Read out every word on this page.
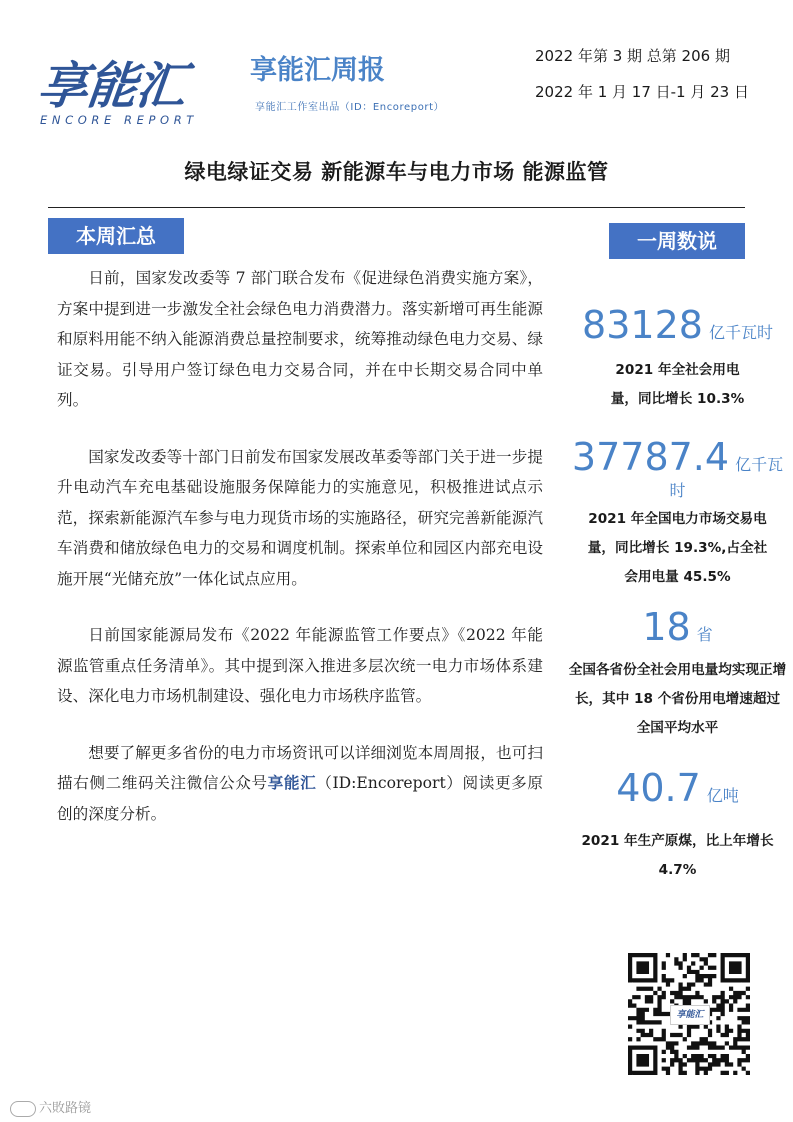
享能汇
ENCORE REPORT
享能汇周报
享能汇工作室出品（ID：Encoreport）
2022 年第 3 期 总第 206 期
2022 年 1 月 17 日-1 月 23 日
绿电绿证交易 新能源车与电力市场 能源监管
本周汇总	一周数说

日前，国家发改委等 7 部门联合发布《促进绿色消费实施方案》，方案中提到进一步激发全社会绿色电力消费潜力。落实新增可再生能源和原料用能不纳入能源消费总量控制要求，统筹推动绿色电力交易、绿证交易。引导用户签订绿色电力交易合同，并在中长期交易合同中单列。

国家发改委等十部门日前发布国家发展改革委等部门关于进一步提升电动汽车充电基础设施服务保障能力的实施意见，积极推进试点示范，探索新能源汽车参与电力现货市场的实施路径，研究完善新能源汽车消费和储放绿色电力的交易和调度机制。探索单位和园区内部充电设施开展“光储充放”一体化试点应用。

日前国家能源局发布《2022 年能源监管工作要点》《2022 年能源监管重点任务清单》。其中提到深入推进多层次统一电力市场体系建设、深化电力市场机制建设、强化电力市场秩序监管。

想要了解更多省份的电力市场资讯可以详细浏览本周周报，也可扫描右侧二维码关注微信公众号享能汇（ID:Encoreport）阅读更多原创的深度分析。

83128 亿千瓦时
2021 年全社会用电量，同比增长 10.3%
37787.4 亿千瓦时
2021 年全国电力市场交易电量，同比增长 19.3%,占全社会用电量 45.5%
18 省
全国各省份全社会用电量均实现正增长，其中 18 个省份用电增速超过全国平均水平
40.7 亿吨
2021 年生产原煤，比上年增长 4.7%
享能汇
六敗路镜
